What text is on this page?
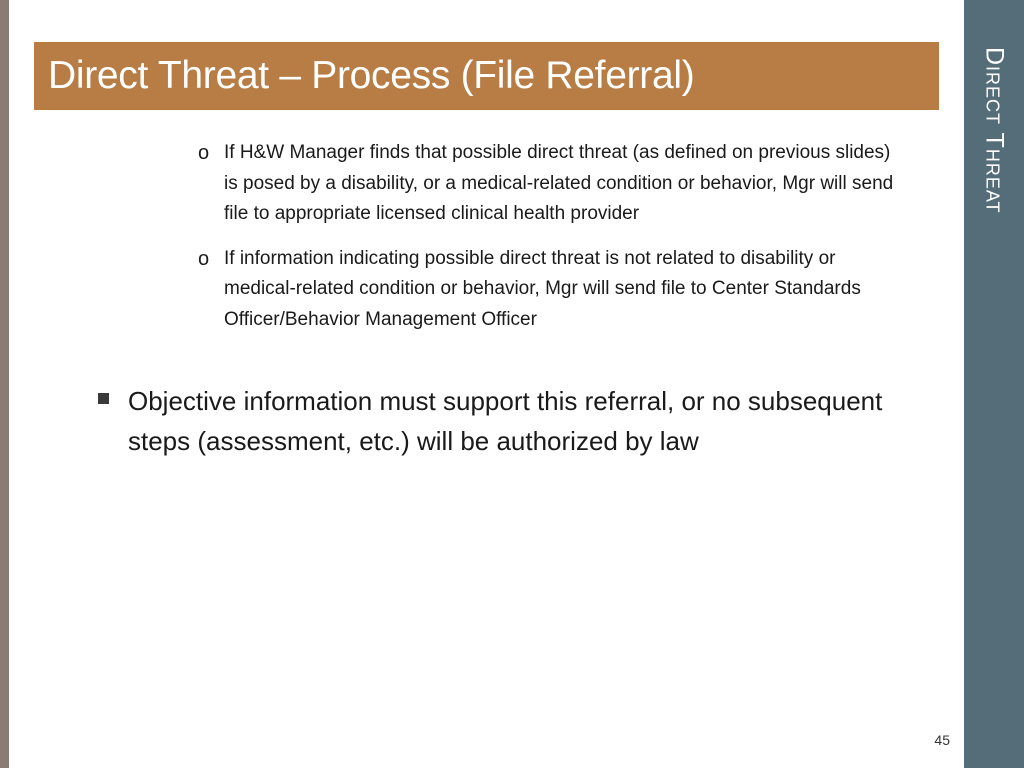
Direct Threat
Direct Threat – Process (File Referral)
o If H&W Manager finds that possible direct threat (as defined on previous slides) is posed by a disability, or a medical-related condition or behavior, Mgr will send file to appropriate licensed clinical health provider
o If information indicating possible direct threat is not related to disability or medical-related condition or behavior, Mgr will send file to Center Standards Officer/Behavior Management Officer
Objective information must support this referral, or no subsequent steps (assessment, etc.) will be authorized by law
45
